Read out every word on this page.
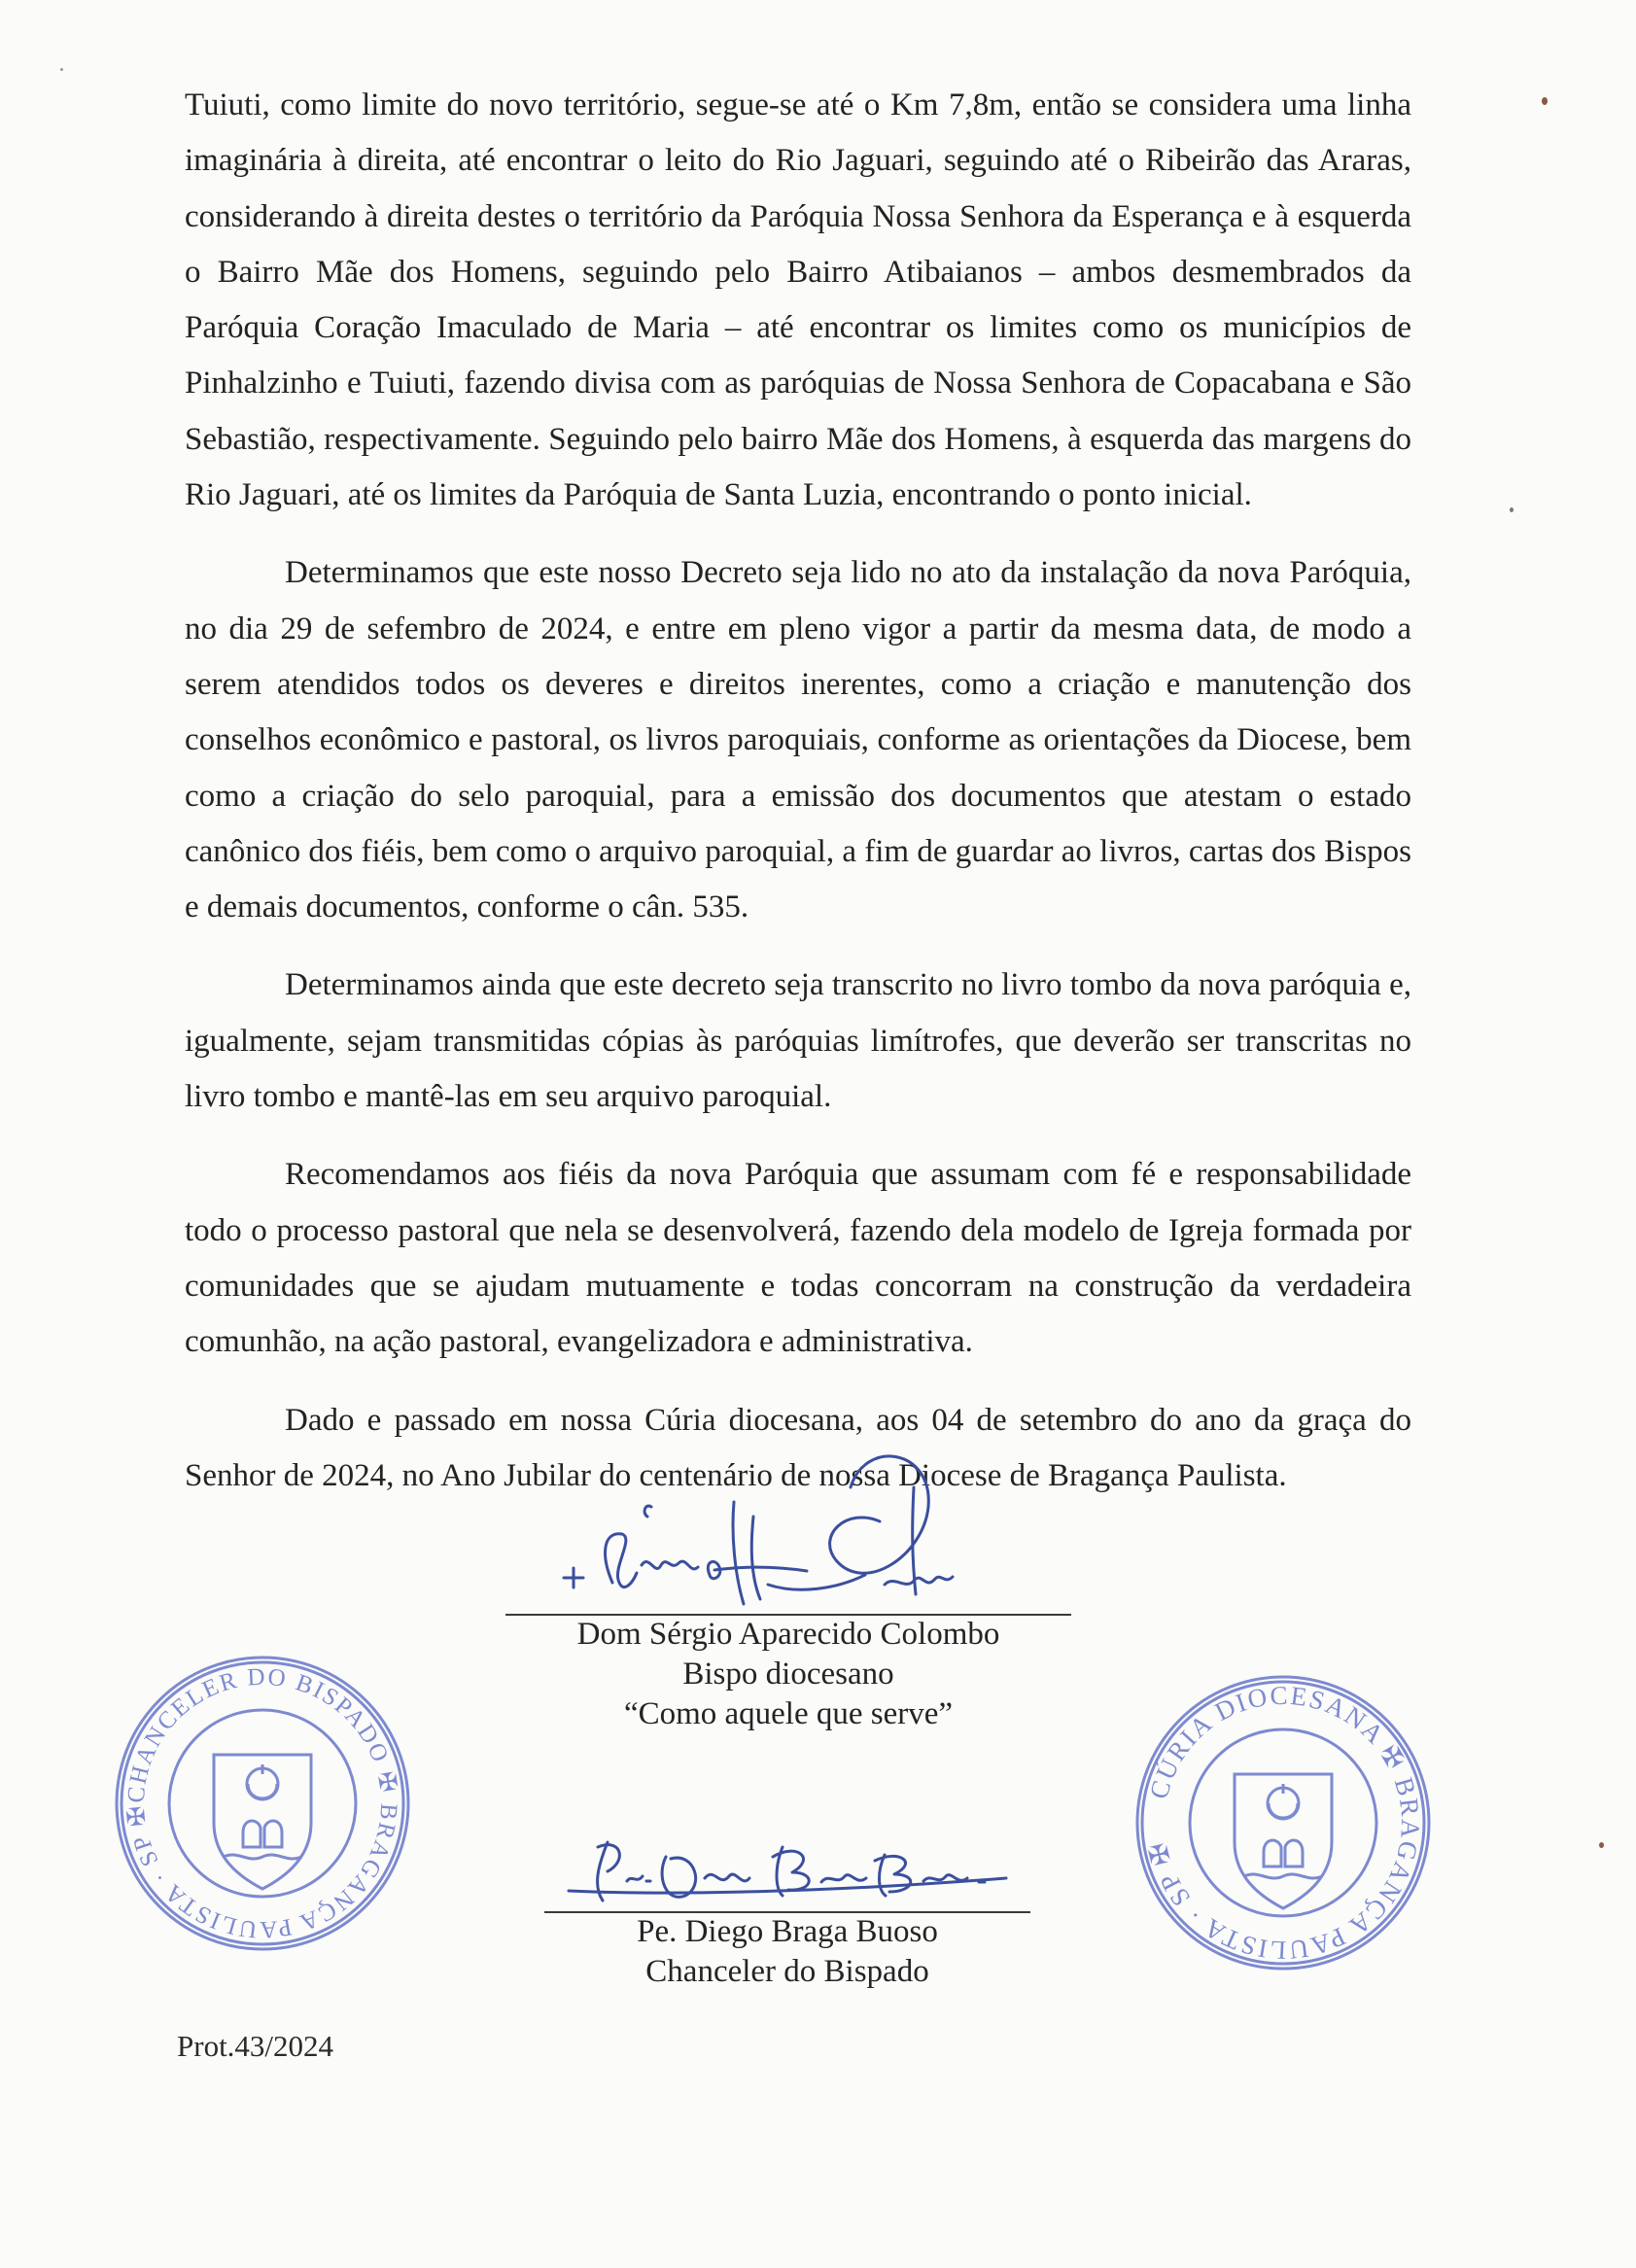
Tuiuti, como limite do novo território, segue-se até o Km 7,8m, então se considera uma linha imaginária à direita, até encontrar o leito do Rio Jaguari, seguindo até o Ribeirão das Araras, considerando à direita destes o território da Paróquia Nossa Senhora da Esperança e à esquerda o Bairro Mãe dos Homens, seguindo pelo Bairro Atibaianos – ambos desmembrados da Paróquia Coração Imaculado de Maria – até encontrar os limites como os municípios de Pinhalzinho e Tuiuti, fazendo divisa com as paróquias de Nossa Senhora de Copacabana e São Sebastião, respectivamente. Seguindo pelo bairro Mãe dos Homens, à esquerda das margens do Rio Jaguari, até os limites da Paróquia de Santa Luzia, encontrando o ponto inicial.

Determinamos que este nosso Decreto seja lido no ato da instalação da nova Paróquia, no dia 29 de sefembro de 2024, e entre em pleno vigor a partir da mesma data, de modo a serem atendidos todos os deveres e direitos inerentes, como a criação e manutenção dos conselhos econômico e pastoral, os livros paroquiais, conforme as orientações da Diocese, bem como a criação do selo paroquial, para a emissão dos documentos que atestam o estado canônico dos fiéis, bem como o arquivo paroquial, a fim de guardar ao livros, cartas dos Bispos e demais documentos, conforme o cân. 535.

Determinamos ainda que este decreto seja transcrito no livro tombo da nova paróquia e, igualmente, sejam transmitidas cópias às paróquias limítrofes, que deverão ser transcritas no livro tombo e mantê-las em seu arquivo paroquial.

Recomendamos aos fiéis da nova Paróquia que assumam com fé e responsabilidade todo o processo pastoral que nela se desenvolverá, fazendo dela modelo de Igreja formada por comunidades que se ajudam mutuamente e todas concorram na construção da verdadeira comunhão, na ação pastoral, evangelizadora e administrativa.

Dado e passado em nossa Cúria diocesana, aos 04 de setembro do ano da graça do Senhor de 2024, no Ano Jubilar do centenário de nossa Diocese de Bragança Paulista.

Dom Sérgio Aparecido Colombo
Bispo diocesano
“Como aquele que serve”
Pe. Diego Braga Buoso
Chanceler do Bispado
CHANCELER DO BISPADO ✠ BRAGANÇA PAULISTA · SP ✠
CÚRIA DIOCESANA ✠ BRAGANÇA PAULISTA · SP ✠
Prot.43/2024
